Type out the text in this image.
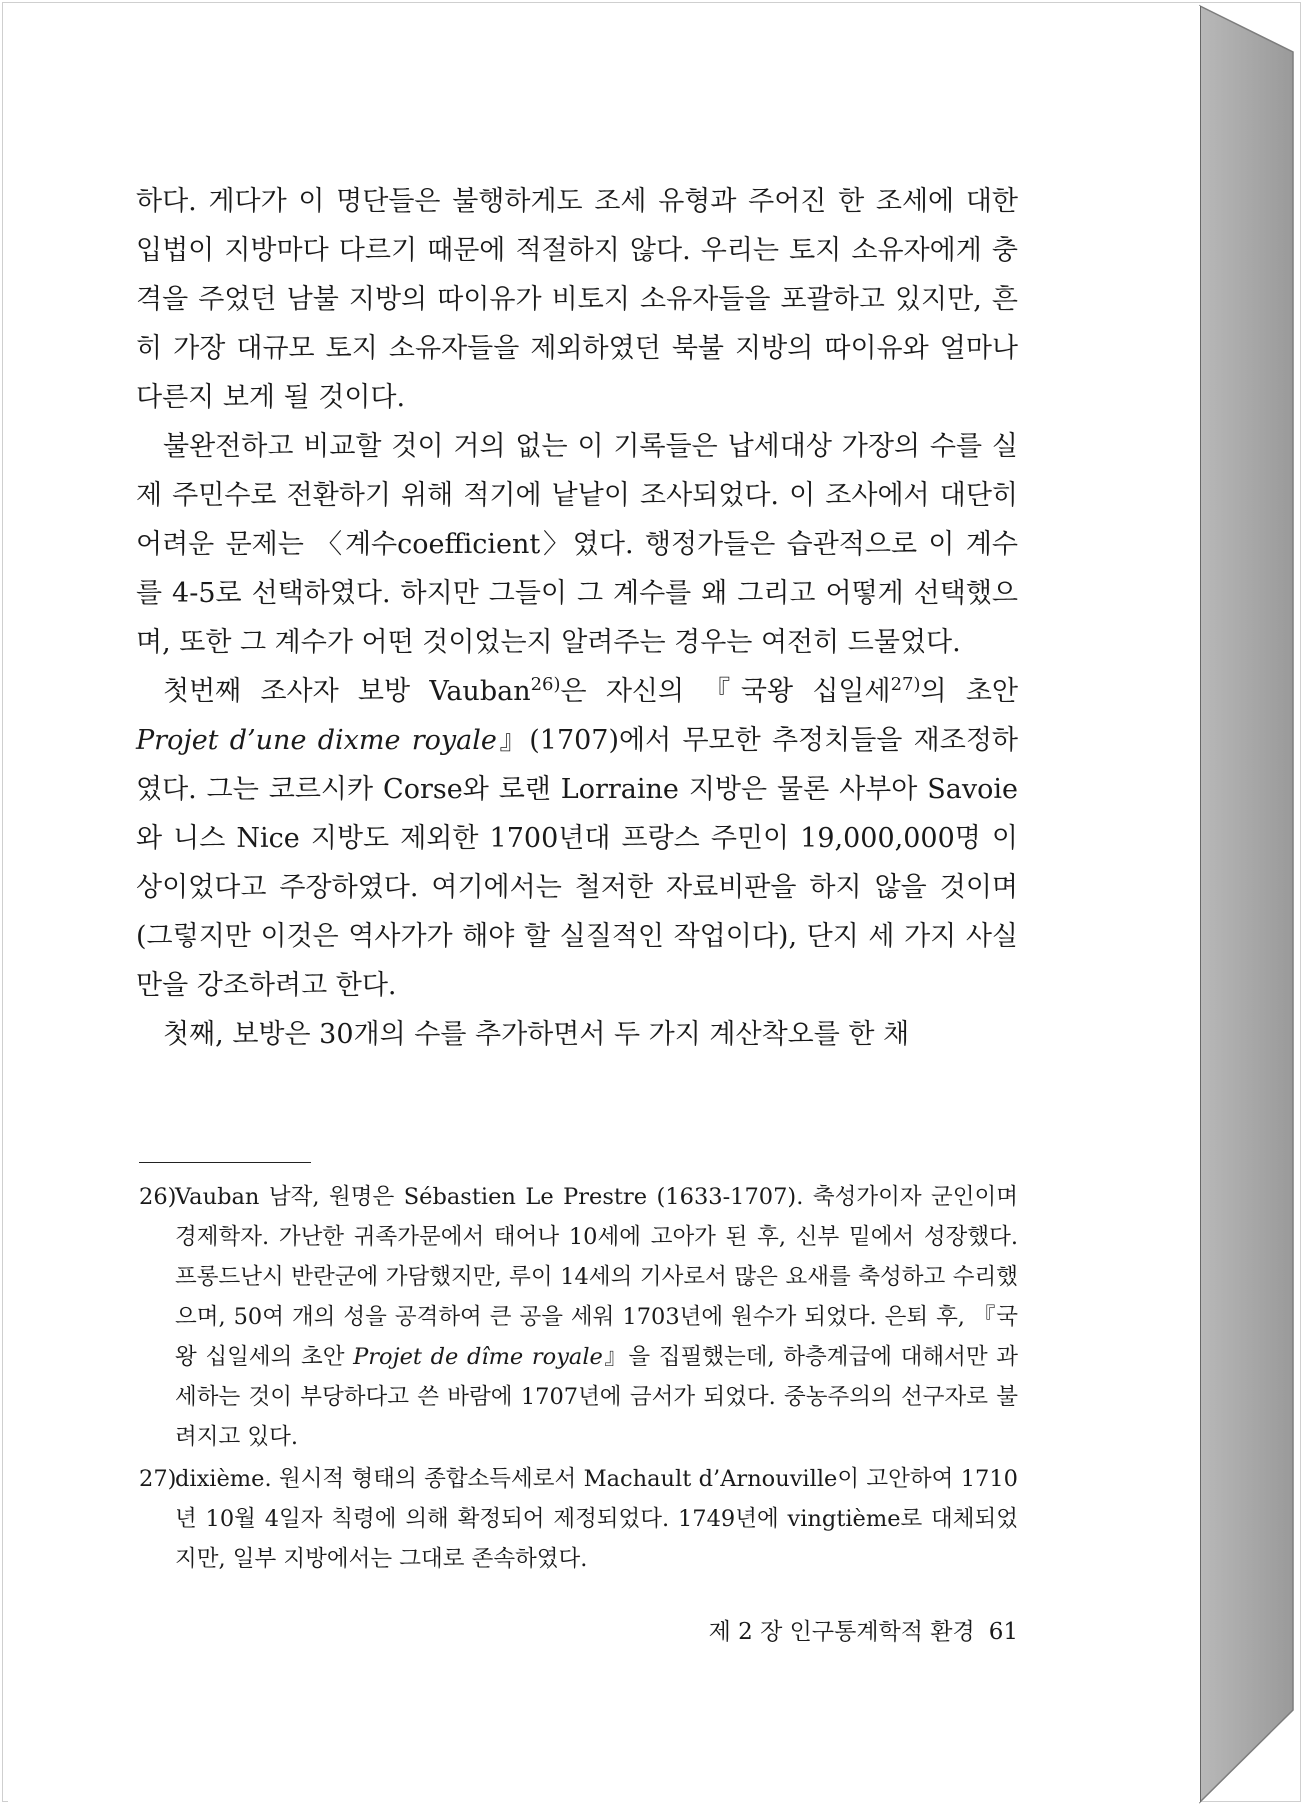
하다. 게다가 이 명단들은 불행하게도 조세 유형과 주어진 한 조세에 대한 입법이 지방마다 다르기 때문에 적절하지 않다. 우리는 토지 소유자에게 충격을 주었던 남불 지방의 따이유가 비토지 소유자들을 포괄하고 있지만, 흔히 가장 대규모 토지 소유자들을 제외하였던 북불 지방의 따이유와 얼마나 다른지 보게 될 것이다.

불완전하고 비교할 것이 거의 없는 이 기록들은 납세대상 가장의 수를 실제 주민수로 전환하기 위해 적기에 낱낱이 조사되었다. 이 조사에서 대단히 어려운 문제는 〈계수coefficient〉였다. 행정가들은 습관적으로 이 계수를 4-5로 선택하였다. 하지만 그들이 그 계수를 왜 그리고 어떻게 선택했으며, 또한 그 계수가 어떤 것이었는지 알려주는 경우는 여전히 드물었다.

첫번째 조사자 보방 Vauban$^{26)}$은 자신의 『국왕 십일세$^{27)}$의 초안 Projet d’une dixme royale』(1707)에서 무모한 추정치들을 재조정하였다. 그는 코르시카 Corse와 로랜 Lorraine 지방은 물론 사부아 Savoie와 니스 Nice 지방도 제외한 1700년대 프랑스 주민이 19,000,000명 이상이었다고 주장하였다. 여기에서는 철저한 자료비판을 하지 않을 것이며(그렇지만 이것은 역사가가 해야 할 실질적인 작업이다), 단지 세 가지 사실만을 강조하려고 한다.

첫째, 보방은 30개의 수를 추가하면서 두 가지 계산착오를 한 채

26)Vauban 남작, 원명은 Sébastien Le Prestre (1633-1707). 축성가이자 군인이며 경제학자. 가난한 귀족가문에서 태어나 10세에 고아가 된 후, 신부 밑에서 성장했다. 프롱드난시 반란군에 가담했지만, 루이 14세의 기사로서 많은 요새를 축성하고 수리했으며, 50여 개의 성을 공격하여 큰 공을 세워 1703년에 원수가 되었다. 은퇴 후, 『국왕 십일세의 초안 Projet de dîme royale』을 집필했는데, 하층계급에 대해서만 과세하는 것이 부당하다고 쓴 바람에 1707년에 금서가 되었다. 중농주의의 선구자로 불려지고 있다.

27)dixième. 원시적 형태의 종합소득세로서 Machault d’Arnouville이 고안하여 1710년 10월 4일자 칙령에 의해 확정되어 제정되었다. 1749년에 vingtième로 대체되었지만, 일부 지방에서는 그대로 존속하였다.

제 2 장 인구통계학적 환경 61
